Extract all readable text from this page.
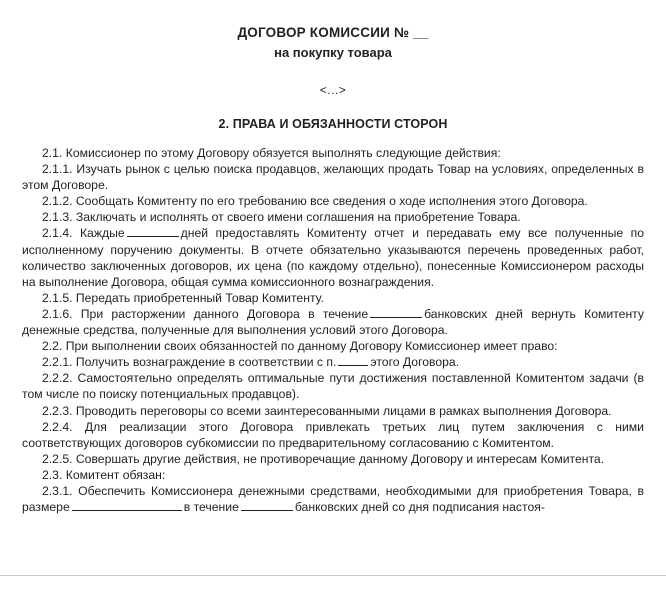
ДОГОВОР КОМИССИИ № __
на покупку товара
<...>
2. ПРАВА И ОБЯЗАННОСТИ СТОРОН

2.1. Комиссионер по этому Договору обязуется выполнять следующие действия:

2.1.1. Изучать рынок с целью поиска продавцов, желающих продать Товар на условиях, определенных в этом Договоре.

2.1.2. Сообщать Комитенту по его требованию все сведения о ходе исполнения этого Договора.

2.1.3. Заключать и исполнять от своего имени соглашения на приобретение Товара.

2.1.4. Каждые	дней предоставлять Комитенту отчет и передавать ему все полученные по исполненному поручению документы. В отчете обязательно указываются перечень проведенных работ, количество заключенных договоров, их цена (по каждому отдельно), понесенные Комиссионером расходы на выполнение Договора, общая сумма комиссионного вознаграждения.

2.1.5. Передать приобретенный Товар Комитенту.

2.1.6. При расторжении данного Договора в течение	банковских дней вернуть Комитенту денежные средства, полученные для выполнения условий этого Договора.

2.2. При выполнении своих обязанностей по данному Договору Комиссионер имеет право:

2.2.1. Получить вознаграждение в соответствии с п.	этого Договора.

2.2.2. Самостоятельно определять оптимальные пути достижения поставленной Комитентом задачи (в том числе по поиску потенциальных продавцов).

2.2.3. Проводить переговоры со всеми заинтересованными лицами в рамках выполнения Договора.

2.2.4. Для реализации этого Договора привлекать третьих лиц путем заключения с ними соответствующих договоров субкомиссии по предварительному согласованию с Комитентом.

2.2.5. Совершать другие действия, не противоречащие данному Договору и интересам Комитента.

2.3. Комитент обязан:

2.3.1. Обеспечить Комиссионера денежными средствами, необходимыми для приобретения Товара, в размере	в течение	банковских дней со дня подписания настоя-
